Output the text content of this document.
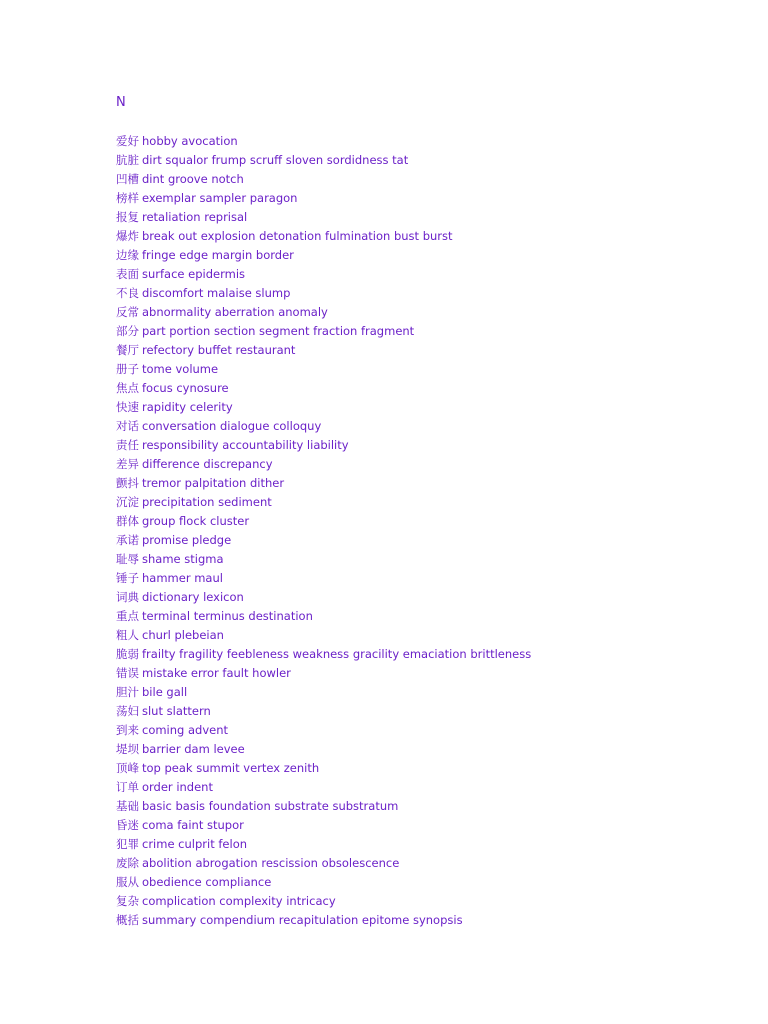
N
爱好 hobby avocation
肮脏 dirt squalor frump scruff sloven sordidness tat
凹槽 dint groove notch
榜样 exemplar sampler paragon
报复 retaliation reprisal
爆炸 break out explosion detonation fulmination bust burst
边缘 fringe edge margin border
表面 surface epidermis
不良 discomfort malaise slump
反常 abnormality aberration anomaly
部分 part portion section segment fraction fragment
餐厅 refectory buffet restaurant
册子 tome volume
焦点 focus cynosure
快速 rapidity celerity
对话 conversation dialogue colloquy
责任 responsibility accountability liability
差异 difference discrepancy
颤抖 tremor palpitation dither
沉淀 precipitation sediment
群体 group flock cluster
承诺 promise pledge
耻辱 shame stigma
锤子 hammer maul
词典 dictionary lexicon
重点 terminal terminus destination
粗人 churl plebeian
脆弱 frailty fragility feebleness weakness gracility emaciation brittleness
错误 mistake error fault howler
胆汁 bile gall
荡妇 slut slattern
到来 coming advent
堤坝 barrier dam levee
顶峰 top peak summit vertex zenith
订单 order indent
基础 basic basis foundation substrate substratum
昏迷 coma faint stupor
犯罪 crime culprit felon
废除 abolition abrogation rescission obsolescence
服从 obedience compliance
复杂 complication complexity intricacy
概括 summary compendium recapitulation epitome synopsis
